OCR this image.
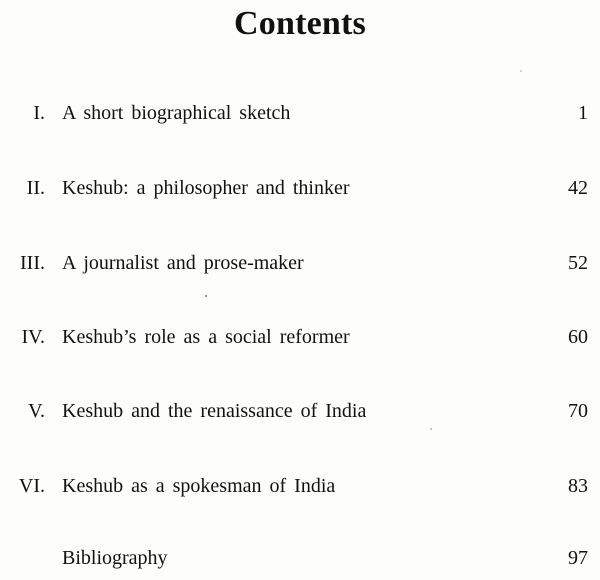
Contents
I. A short biographical sketch	1
II. Keshub: a philosopher and thinker	42
III. A journalist and prose-maker	52
IV. Keshub’s role as a social reformer	60
V. Keshub and the renaissance of India	70
VI. Keshub as a spokesman of India	83
Bibliography	97
